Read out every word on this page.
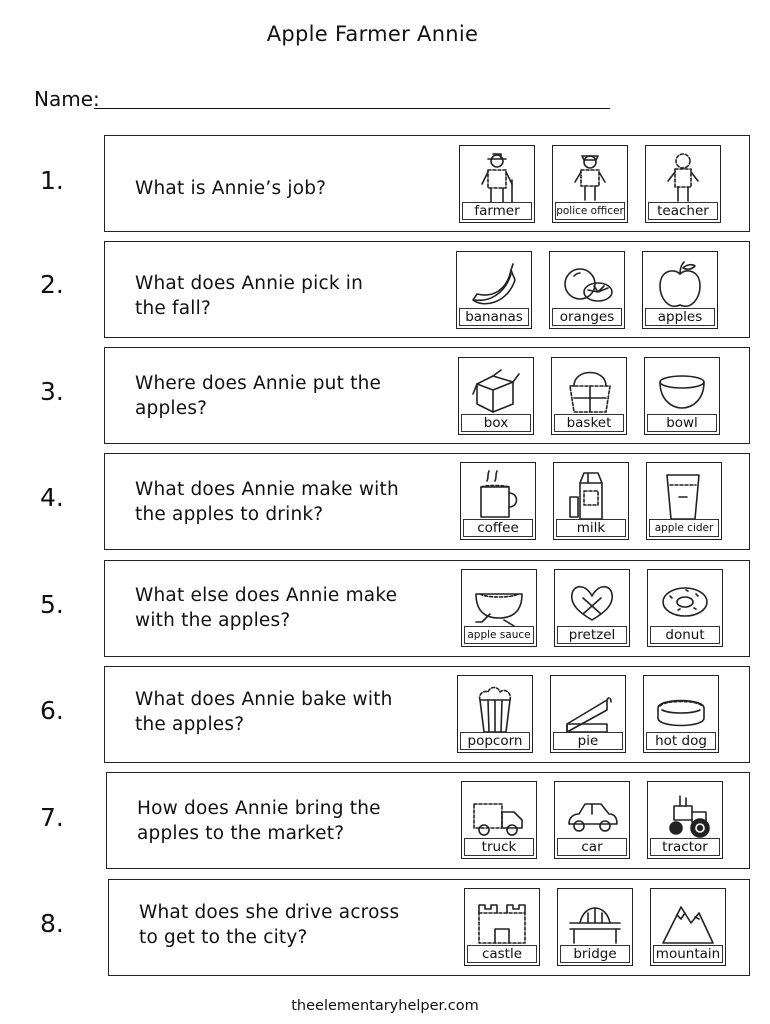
Apple Farmer Annie
Name:
1.	What is Annie’s job?
farmer	police officer	teacher
2.	What does Annie pick in
the fall?	bananas	oranges	apples
3.	Where does Annie put the
apples?
box	basket	bowl
4.	What does Annie make with
the apples to drink?
coffee	milk	apple cider
5.	What else does Annie make
with the apples?
apple sauce	pretzel	donut
6.	What does Annie bake with
the apples?
popcorn	pie	hot dog
7.	How does Annie bring the
apples to the market?
truck	car	tractor
8.	What does she drive across
to get to the city?
castle	bridge	mountain
theelementaryhelper.com
